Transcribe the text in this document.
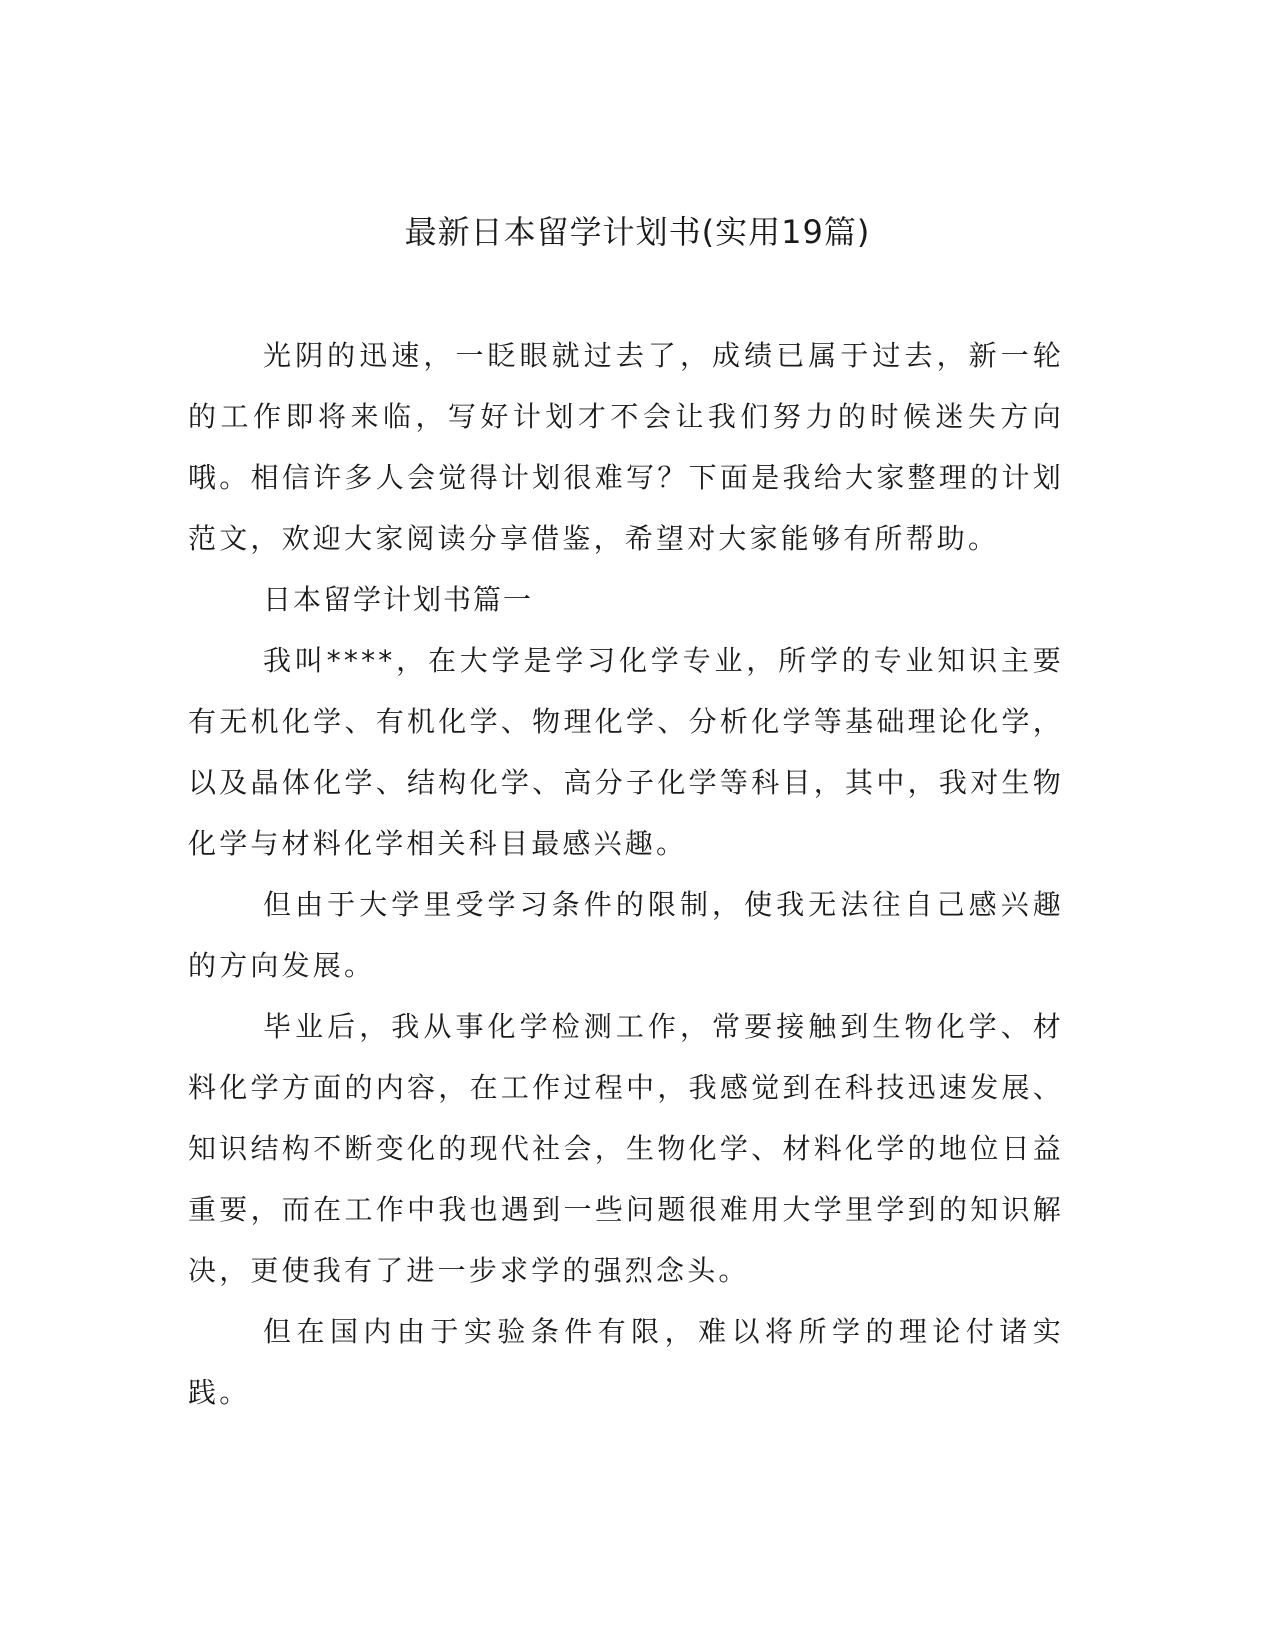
最新日本留学计划书(实用19篇)

光阴的迅速，一眨眼就过去了，成绩已属于过去，新一轮的工作即将来临，写好计划才不会让我们努力的时候迷失方向哦。相信许多人会觉得计划很难写？下面是我给大家整理的计划范文，欢迎大家阅读分享借鉴，希望对大家能够有所帮助。

日本留学计划书篇一

我叫****，在大学是学习化学专业，所学的专业知识主要有无机化学、有机化学、物理化学、分析化学等基础理论化学，以及晶体化学、结构化学、高分子化学等科目，其中，我对生物化学与材料化学相关科目最感兴趣。

但由于大学里受学习条件的限制，使我无法往自己感兴趣的方向发展。

毕业后，我从事化学检测工作，常要接触到生物化学、材料化学方面的内容，在工作过程中，我感觉到在科技迅速发展、知识结构不断变化的现代社会，生物化学、材料化学的地位日益重要，而在工作中我也遇到一些问题很难用大学里学到的知识解决，更使我有了进一步求学的强烈念头。

但在国内由于实验条件有限，难以将所学的理论付诸实践。
